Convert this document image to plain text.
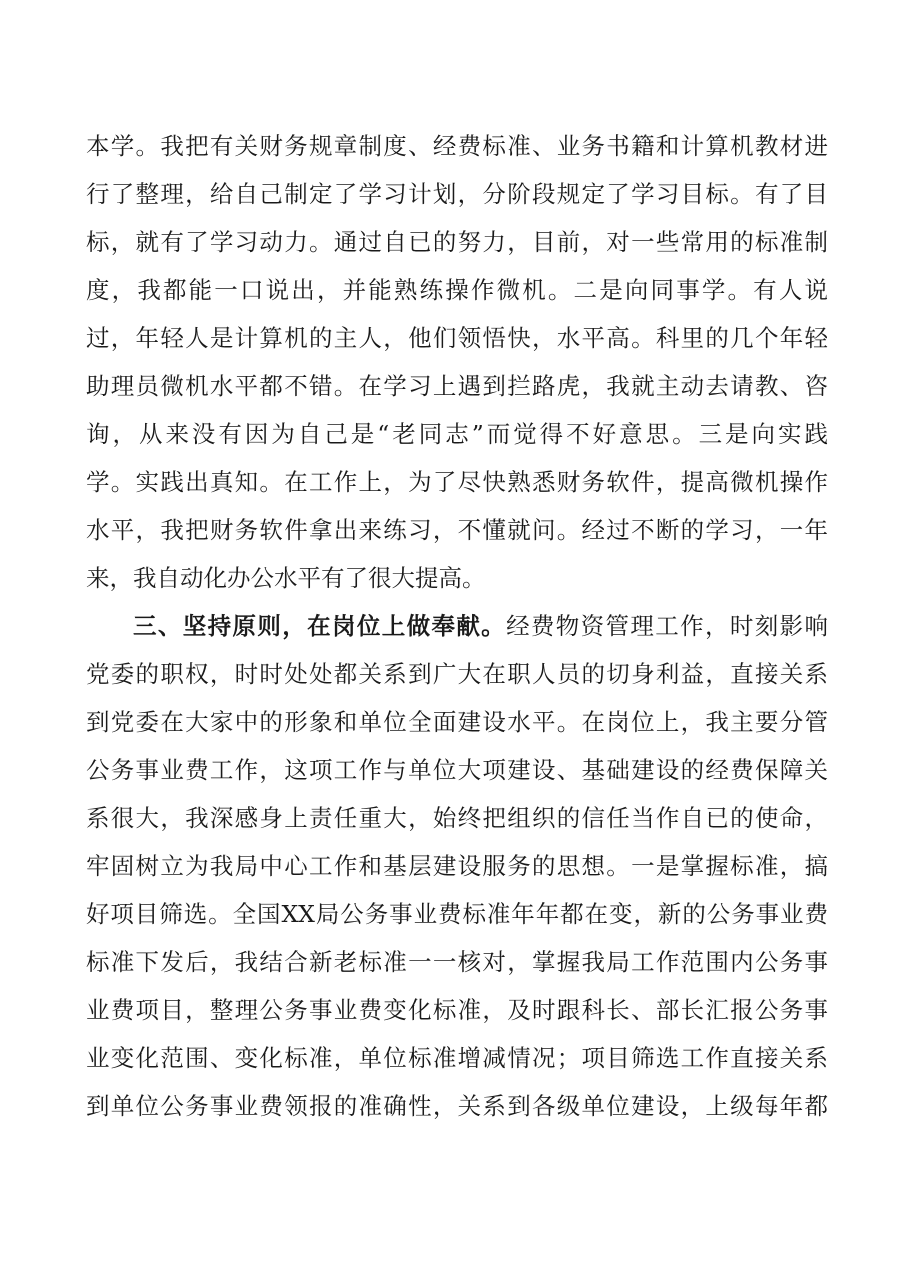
本学。我把有关财务规章制度、经费标准、业务书籍和计算机教材进
行了整理，给自己制定了学习计划，分阶段规定了学习目标。有了目
标，就有了学习动力。通过自已的努力，目前，对一些常用的标准制
度，我都能一口说出，并能熟练操作微机。二是向同事学。有人说
过，年轻人是计算机的主人，他们领悟快，水平高。科里的几个年轻
助理员微机水平都不错。在学习上遇到拦路虎，我就主动去请教、咨
询，从来没有因为自己是“老同志”而觉得不好意思。三是向实践
学。实践出真知。在工作上，为了尽快熟悉财务软件，提高微机操作
水平，我把财务软件拿出来练习，不懂就问。经过不断的学习，一年
来，我自动化办公水平有了很大提高。
三、坚持原则，在岗位上做奉献。经费物资管理工作，时刻影响
党委的职权，时时处处都关系到广大在职人员的切身利益，直接关系
到党委在大家中的形象和单位全面建设水平。在岗位上，我主要分管
公务事业费工作，这项工作与单位大项建设、基础建设的经费保障关
系很大，我深感身上责任重大，始终把组织的信任当作自已的使命，
牢固树立为我局中心工作和基层建设服务的思想。一是掌握标准，搞
好项目筛选。全国XX局公务事业费标准年年都在变，新的公务事业费
标准下发后，我结合新老标准一一核对，掌握我局工作范围内公务事
业费项目，整理公务事业费变化标准，及时跟科长、部长汇报公务事
业变化范围、变化标准，单位标准增减情况；项目筛选工作直接关系
到单位公务事业费领报的准确性，关系到各级单位建设，上级每年都
